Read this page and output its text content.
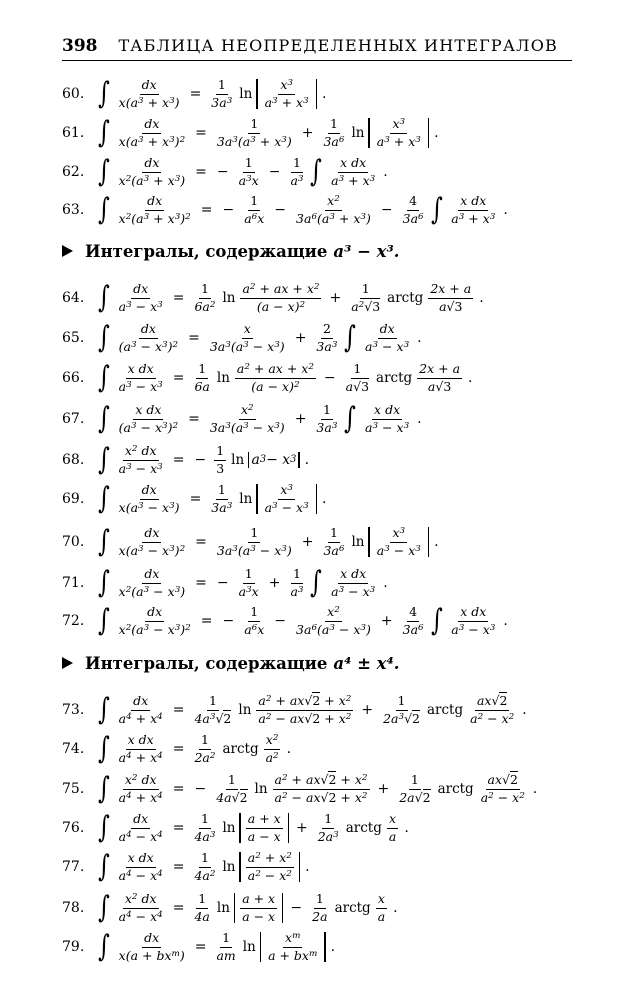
398 ТАБЛИЦА НЕОПРЕДЕЛЕННЫХ ИНТЕГРАЛОВ
60. ∫ $\frac{dx}{x(a^3 + x^3)} = \frac{1}{3a^3}$ $\ln \frac{x^3}{a^3 + x^3}$ .
61. ∫ $\frac{dx}{x(a^3 + x^3)^2} = \frac{1}{3a^3(a^3 + x^3)} + \frac{1}{3a^6}$ $\ln \frac{x^3}{a^3 + x^3}$ .
62. ∫ $\frac{dx}{x^2(a^3 + x^3)}$ = − $\frac{1}{a^3x} - \frac{1}{a^3}$ ∫ $\frac{\text{x dx}}{a^3 + x^3}$ .
63. ∫ $\frac{dx}{x^2(a^3 + x^3)^2}$ = − $\frac{1}{a^6x} - \frac{x^2}{3a^6(a^3 + x^3)} - \frac{4}{3a^6}$ ∫ $\frac{\text{x dx}}{a^3 + x^3}$ .
Интегралы, содержащие a³ − x³.
64. ∫ $\frac{dx}{a^3 - x^3} = \frac{1}{6a^2}$ $\ln \frac{a^2 + ax + x^2}{(a - x)^2} + \frac{1}{a^2√3}$ arctg $\frac{2x + a}{a√3}$ .
65. ∫ $\frac{dx}{(a^3 - x^3)^2} = \frac{x}{3a^3(a^3 - x^3)} + \frac{2}{3a^3}$ ∫ $\frac{dx}{a^3 - x^3}$ .
66. ∫ $\frac{\text{x dx}}{a^3 - x^3} = \frac{1}{6a}$ $\ln \frac{a^2 + ax + x^2}{(a - x)^2} - \frac{1}{a√3}$ arctg $\frac{2x + a}{a√3}$ .
67. ∫ $\frac{\text{x dx}}{(a^3 - x^3)^2} = \frac{x^2}{3a^3(a^3 - x^3)} + \frac{1}{3a^3}$ ∫ $\frac{\text{x dx}}{a^3 - x^3}$ .
68. ∫ $\frac{x^2 dx}{a^3 - x^3}$ = − $\frac{1}{3}$ ln a 3 − x 3 .
69. ∫ $\frac{dx}{x(a^3 - x^3)} = \frac{1}{3a^3}$ $\ln \frac{x^3}{a^3 - x^3}$ .
70. ∫ $\frac{dx}{x(a^3 - x^3)^2} = \frac{1}{3a^3(a^3 - x^3)} + \frac{1}{3a^6}$ $\ln \frac{x^3}{a^3 - x^3}$ .
71. ∫ $\frac{dx}{x^2(a^3 - x^3)}$ = − $\frac{1}{a^3x} + \frac{1}{a^3}$ ∫ $\frac{\text{x dx}}{a^3 - x^3}$ .
72. ∫ $\frac{dx}{x^2(a^3 - x^3)^2}$ = − $\frac{1}{a^6x} - \frac{x^2}{3a^6(a^3 - x^3)} + \frac{4}{3a^6}$ ∫ $\frac{\text{x dx}}{a^3 - x^3}$ .
Интегралы, содержащие a⁴ ± x⁴.
73. ∫ $\frac{dx}{a^4 + x^4} = \frac{1}{4a^3√2}$ $\ln \frac{a^2 + ax√2 + x^2}{a^2 - ax√2 + x^2} + \frac{1}{2a^3√2}$ arctg $\frac{ax√2}{a^2 - x^2}$ .
74. ∫ $\frac{\text{x dx}}{a^4 + x^4} = \frac{1}{2a^2}$ arctg $\frac{x^2}{a^2}$ .
75. ∫ $\frac{x^2 dx}{a^4 + x^4}$ = − $\frac{1}{4a√2}$ $\ln \frac{a^2 + ax√2 + x^2}{a^2 - ax√2 + x^2} + \frac{1}{2a√2}$ arctg $\frac{ax√2}{a^2 - x^2}$ .
76. ∫ $\frac{dx}{a^4 - x^4} = \frac{1}{4a^3}$ $\ln \frac{a + x}{a - x} + \frac{1}{2a^3}$ arctg $\frac{x}{a}$ .
77. ∫ $\frac{\text{x dx}}{a^4 - x^4} = \frac{1}{4a^2}$ $\ln \frac{a^2 + x^2}{a^2 - x^2}$ .
78. ∫ $\frac{x^2 dx}{a^4 - x^4} = \frac{1}{4a}$ $\ln \frac{a + x}{a - x} - \frac{1}{2a}$ arctg $\frac{x}{a}$ .
79. ∫ $\frac{dx}{x(a + bx^m)} = \frac{1}{am}$ $\ln \frac{x^m}{a + bx^m}$ .
